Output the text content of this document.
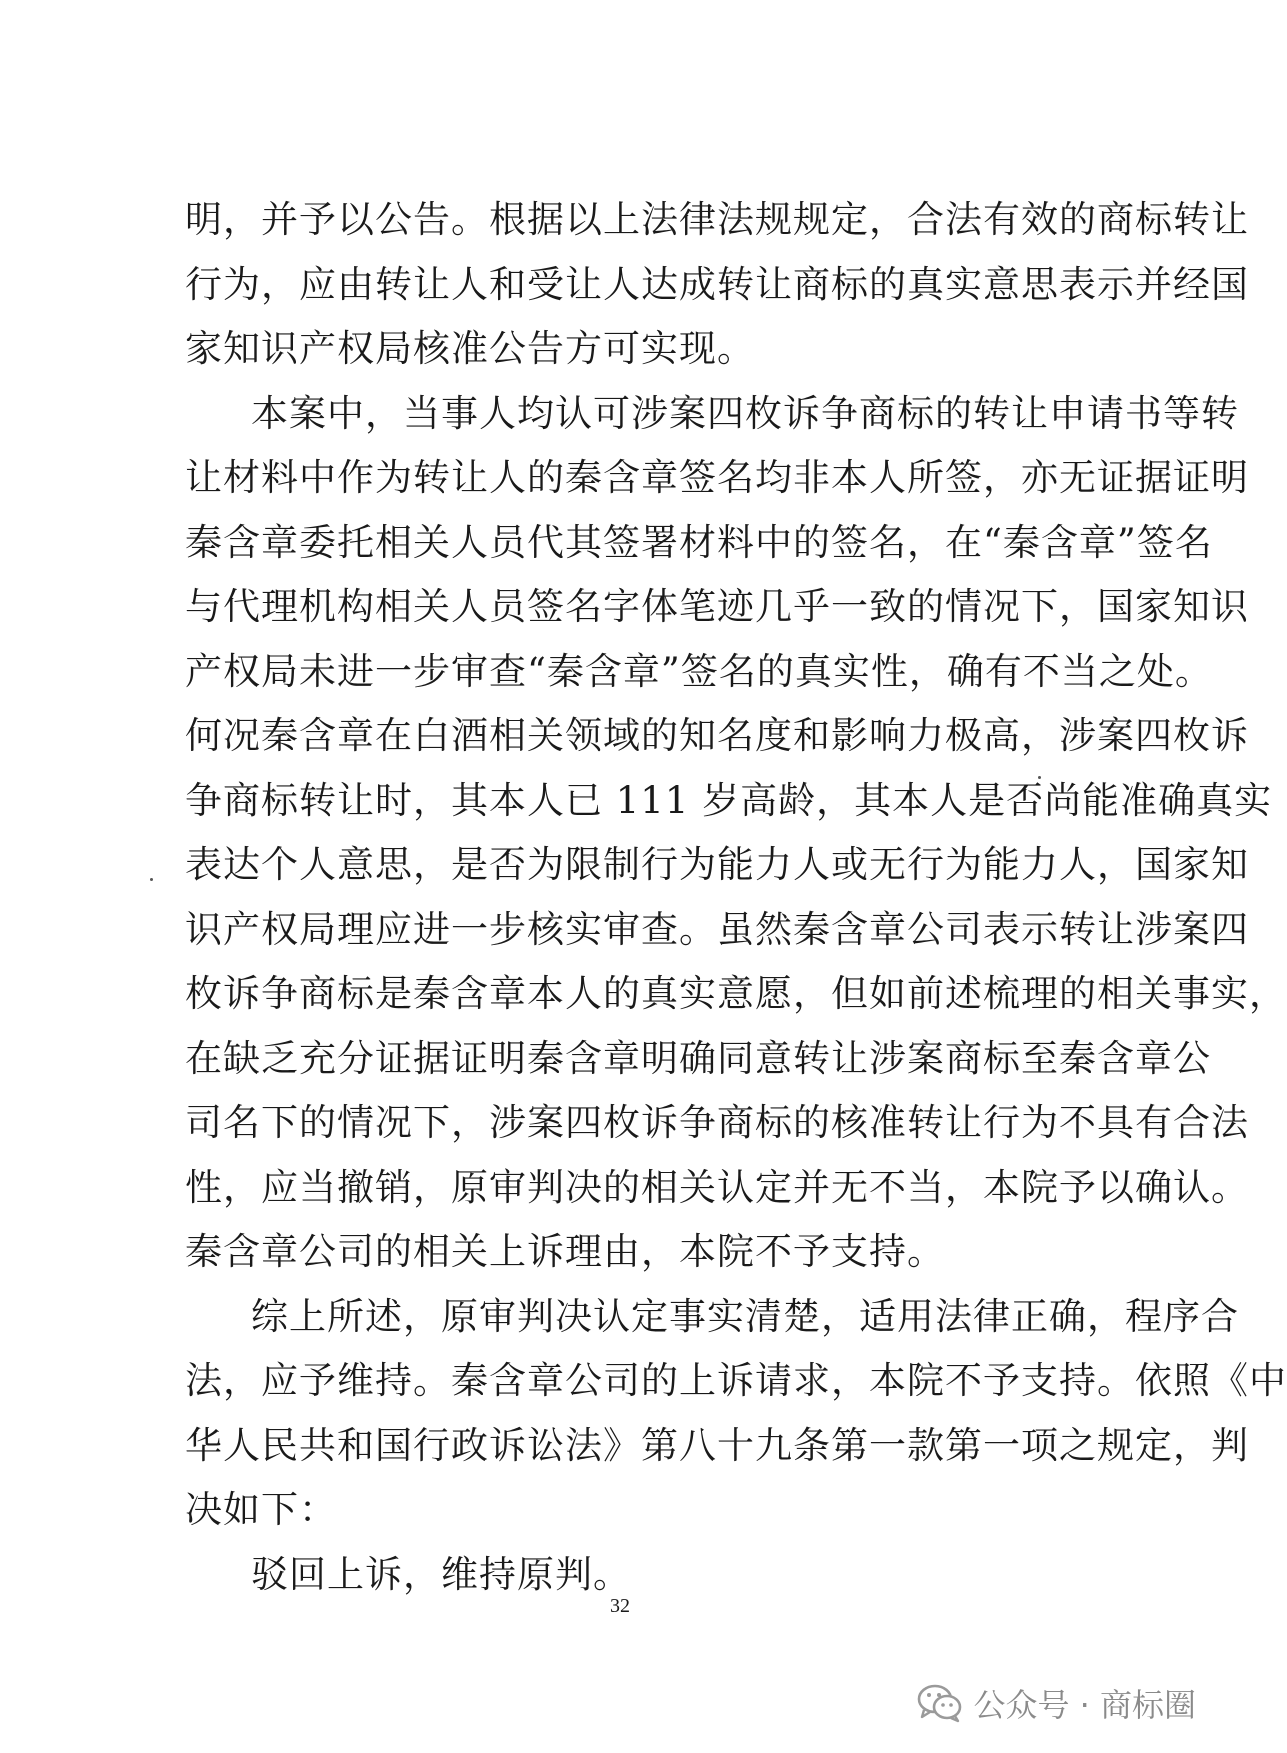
明，并予以公告。根据以上法律法规规定，合法有效的商标转让
行为，应由转让人和受让人达成转让商标的真实意思表示并经国
家知识产权局核准公告方可实现。
本案中，当事人均认可涉案四枚诉争商标的转让申请书等转
让材料中作为转让人的秦含章签名均非本人所签，亦无证据证明
秦含章委托相关人员代其签署材料中的签名，在“秦含章”签名
与代理机构相关人员签名字体笔迹几乎一致的情况下，国家知识
产权局未进一步审查“秦含章”签名的真实性，确有不当之处。
何况秦含章在白酒相关领域的知名度和影响力极高，涉案四枚诉
争商标转让时，其本人已 111 岁高龄，其本人是否尚能准确真实
表达个人意思，是否为限制行为能力人或无行为能力人，国家知
识产权局理应进一步核实审查。虽然秦含章公司表示转让涉案四
枚诉争商标是秦含章本人的真实意愿，但如前述梳理的相关事实，
在缺乏充分证据证明秦含章明确同意转让涉案商标至秦含章公
司名下的情况下，涉案四枚诉争商标的核准转让行为不具有合法
性，应当撤销，原审判决的相关认定并无不当，本院予以确认。
秦含章公司的相关上诉理由，本院不予支持。
综上所述，原审判决认定事实清楚，适用法律正确，程序合
法，应予维持。秦含章公司的上诉请求，本院不予支持。依照《中
华人民共和国行政诉讼法》第八十九条第一款第一项之规定，判
决如下：
驳回上诉，维持原判。
32
公众号 · 商标圈
